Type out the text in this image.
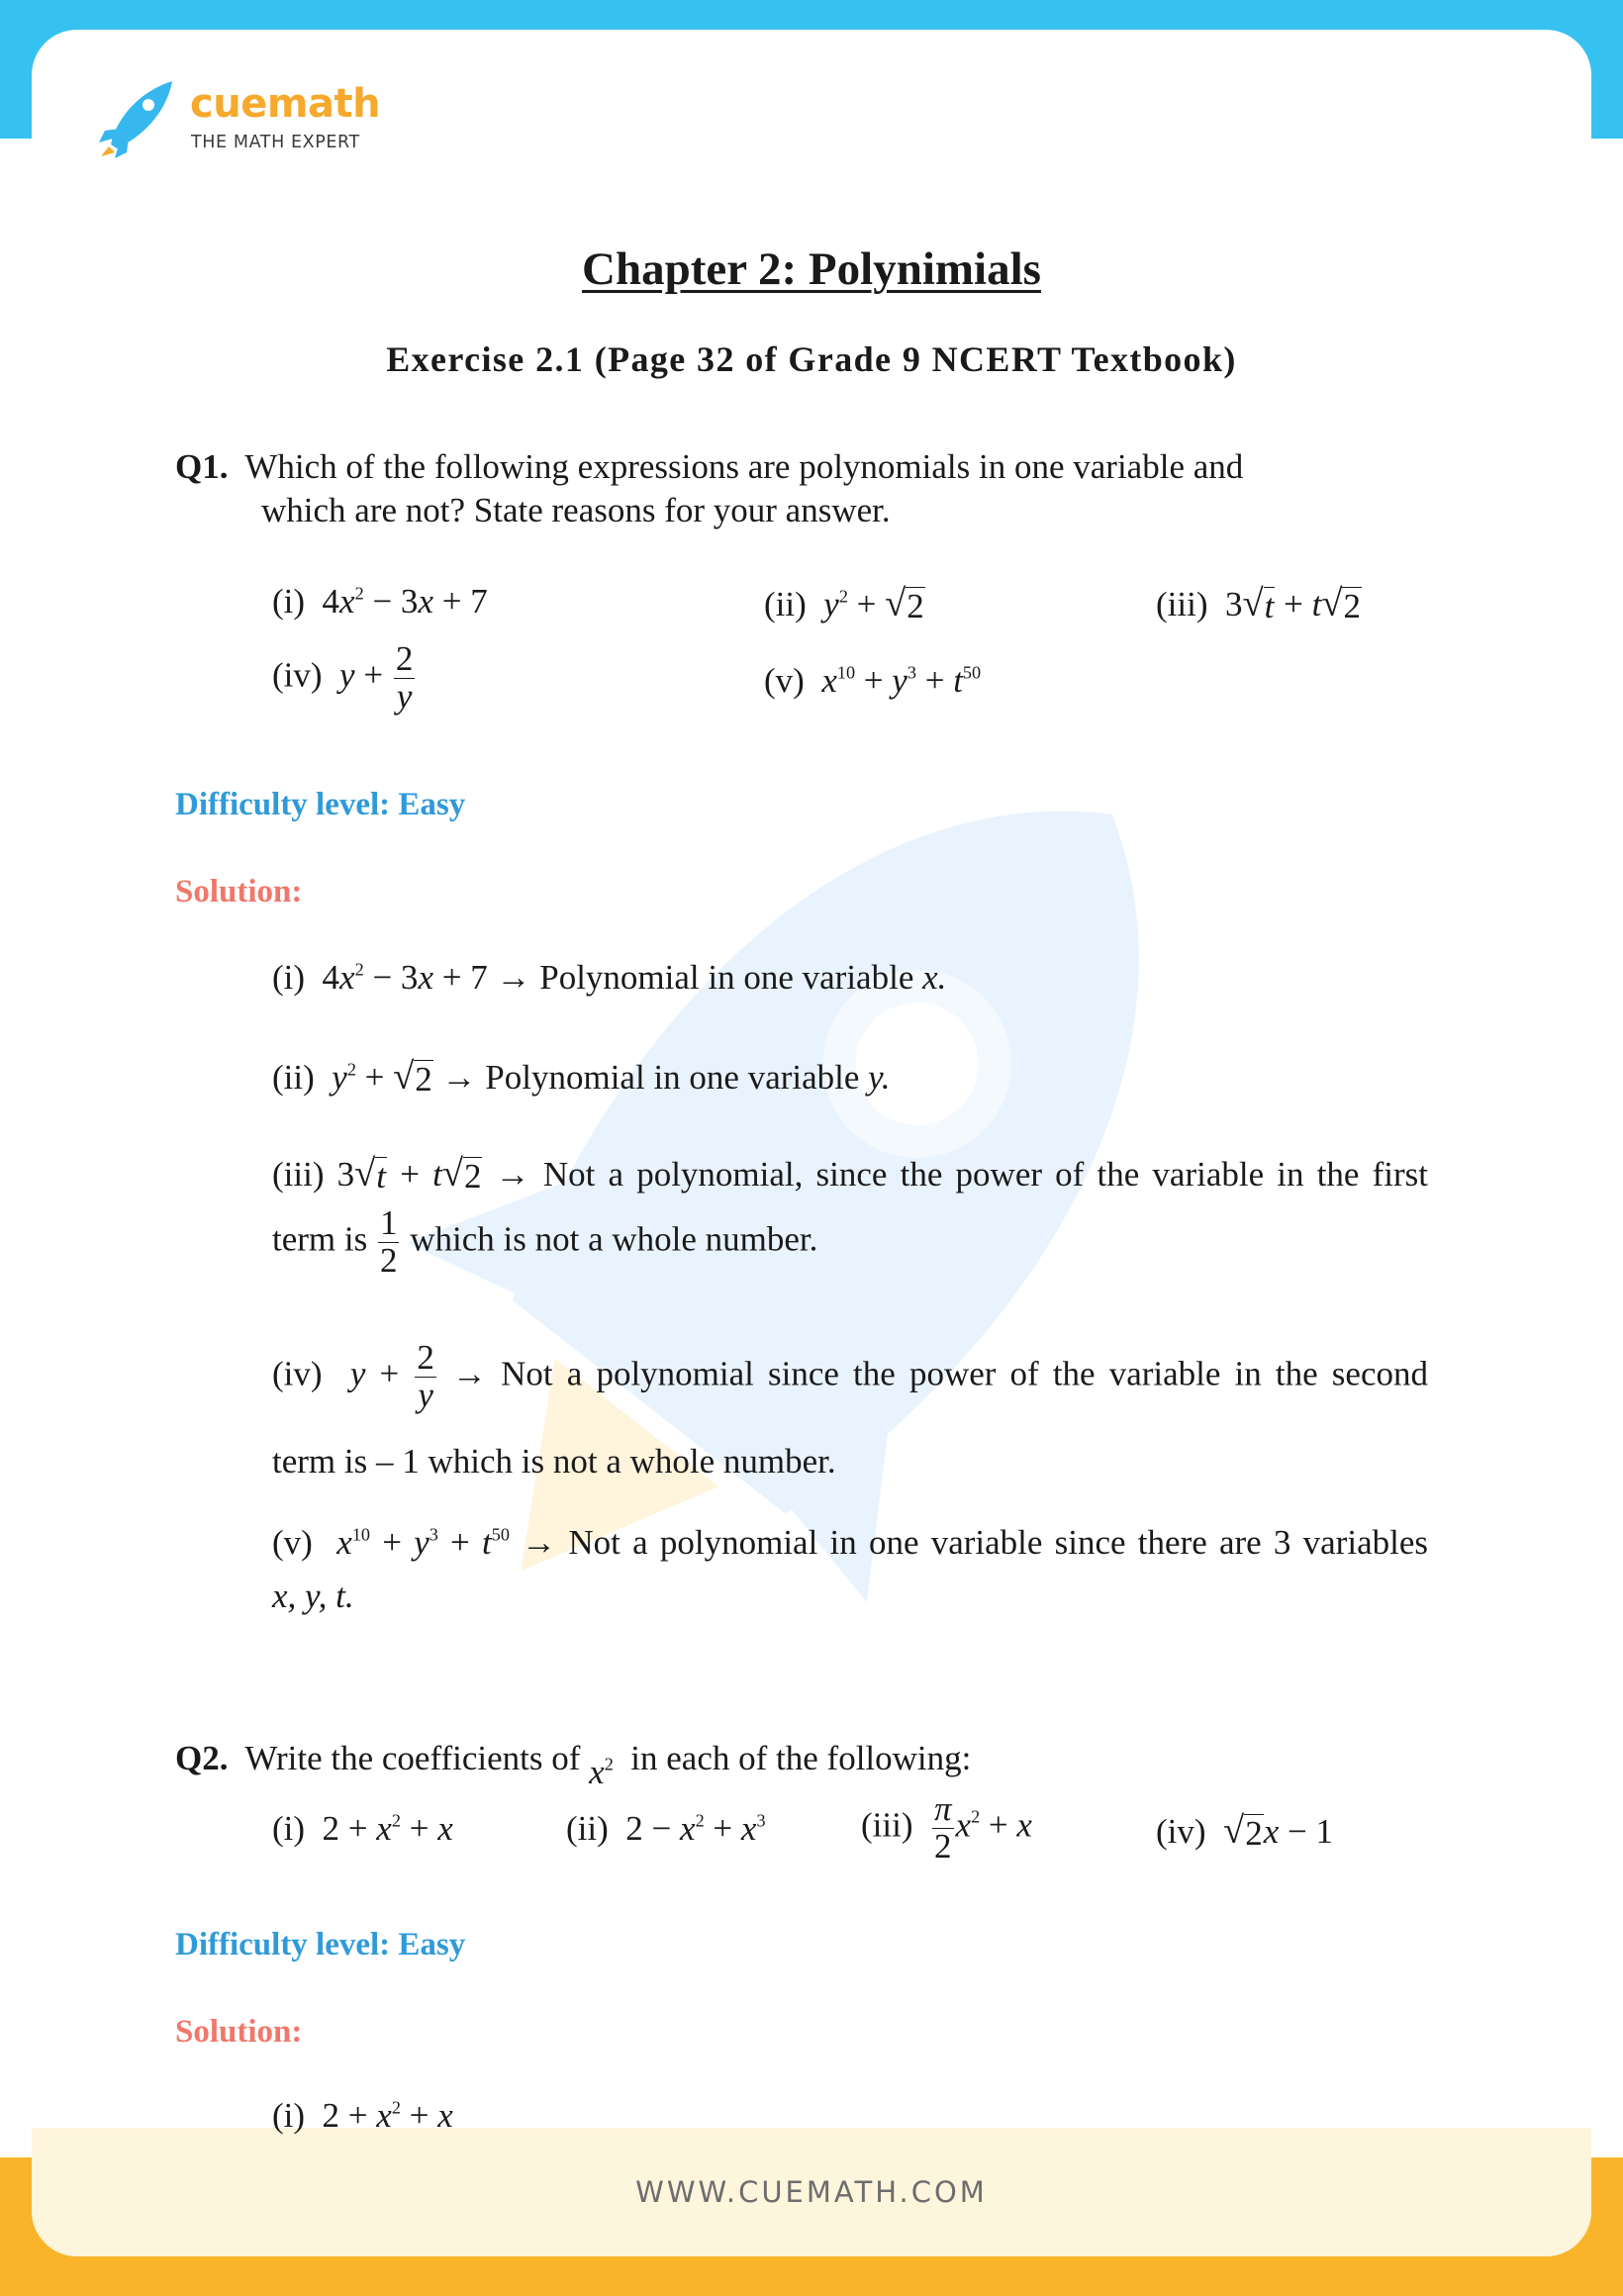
WWW.CUEMATH.COM
cuemath
THE MATH EXPERT
Chapter 2: Polynimials
Exercise 2.1 (Page 32 of Grade 9 NCERT Textbook)
Q1. Which of the following expressions are polynomials in one variable and
which are not? State reasons for your answer.
(i)  $4x^2 - 3x + 7$	(ii) $y^2$ + √ 2	(iii)  3 √ t + t √ 2
(iv) $y + \frac{2}{y}$	(v) $x^{10} + y^3 + t^{50}$
Difficulty level: Easy
Solution:
(i)  $4x^2 - 3x + 7$ → Polynomial in one variable x.
(ii) $y^2$ + √ 2 → Polynomial in one variable y.
(iii) 3 √ t + t √ 2 → Not a polynomial, since the power of the variable in the first
term is $\frac{1}{2}$ which is not a whole number.
(iv) $y + \frac{2}{y}$ → Not a polynomial since the power of the variable in the second
term is – 1 which is not a whole number.
(v) $x^{10} + y^3 + t^{50}$ → Not a polynomial in one variable since there are 3 variables
x, y, t.
Q2. Write the coefficients of $x^2$ in each of the following:
(i)  $2 + x^2 + x$	(ii)  $2 - x^2 + x^3$	$(iii) \frac{\pi}{2} x^2 + x$	(iv) √ 2 x − 1
Difficulty level: Easy
Solution:
(i)  $2 + x^2 + x$
